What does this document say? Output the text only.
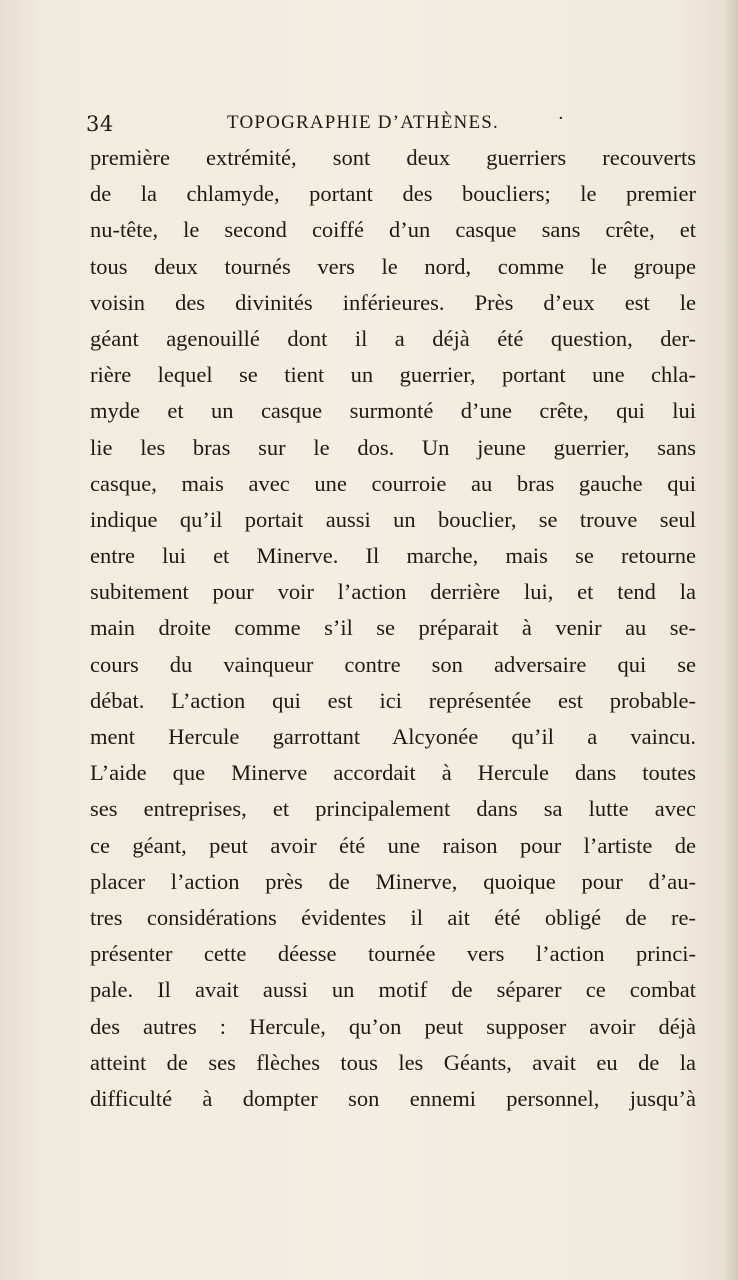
34	TOPOGRAPHIE D’ATHÈNES.	·
première extrémité, sont deux guerriers recouverts
de la chlamyde, portant des boucliers; le premier
nu-tête, le second coiffé d’un casque sans crête, et
tous deux tournés vers le nord, comme le groupe
voisin des divinités inférieures. Près d’eux est le
géant agenouillé dont il a déjà été question, der-
rière lequel se tient un guerrier, portant une chla-
myde et un casque surmonté d’une crête, qui lui
lie les bras sur le dos. Un jeune guerrier, sans
casque, mais avec une courroie au bras gauche qui
indique qu’il portait aussi un bouclier, se trouve seul
entre lui et Minerve. Il marche, mais se retourne
subitement pour voir l’action derrière lui, et tend la
main droite comme s’il se préparait à venir au se-
cours du vainqueur contre son adversaire qui se
débat. L’action qui est ici représentée est probable-
ment Hercule garrottant Alcyonée qu’il a vaincu.
L’aide que Minerve accordait à Hercule dans toutes
ses entreprises, et principalement dans sa lutte avec
ce géant, peut avoir été une raison pour l’artiste de
placer l’action près de Minerve, quoique pour d’au-
tres considérations évidentes il ait été obligé de re-
présenter cette déesse tournée vers l’action princi-
pale. Il avait aussi un motif de séparer ce combat
des autres : Hercule, qu’on peut supposer avoir déjà
atteint de ses flèches tous les Géants, avait eu de la
difficulté à dompter son ennemi personnel, jusqu’à
